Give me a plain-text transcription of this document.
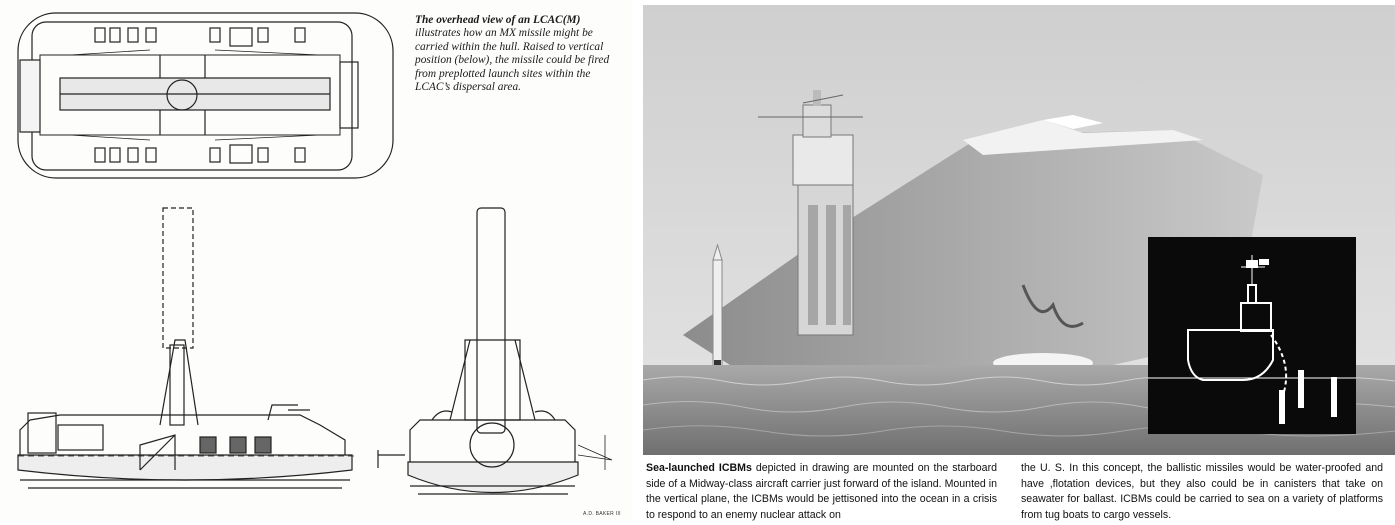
The overhead view of an LCAC(M) illustrates how an MX missile might be carried within the hull. Raised to vertical position (below), the missile could be fired from preplotted launch sites within the LCAC’s dispersal area.
A.D. BAKER III
Sea-launched ICBMs depicted in drawing are mounted on the starboard side of a Midway-class aircraft carrier just forward of the island. Mounted in the vertical plane, the ICBMs would be jettisoned into the ocean in a crisis to respond to an enemy nuclear attack on
the U. S. In this concept, the ballistic missiles would be water-proofed and have ,flotation devices, but they also could be in canisters that take on seawater for ballast. ICBMs could be carried to sea on a variety of platforms from tug boats to cargo vessels.
